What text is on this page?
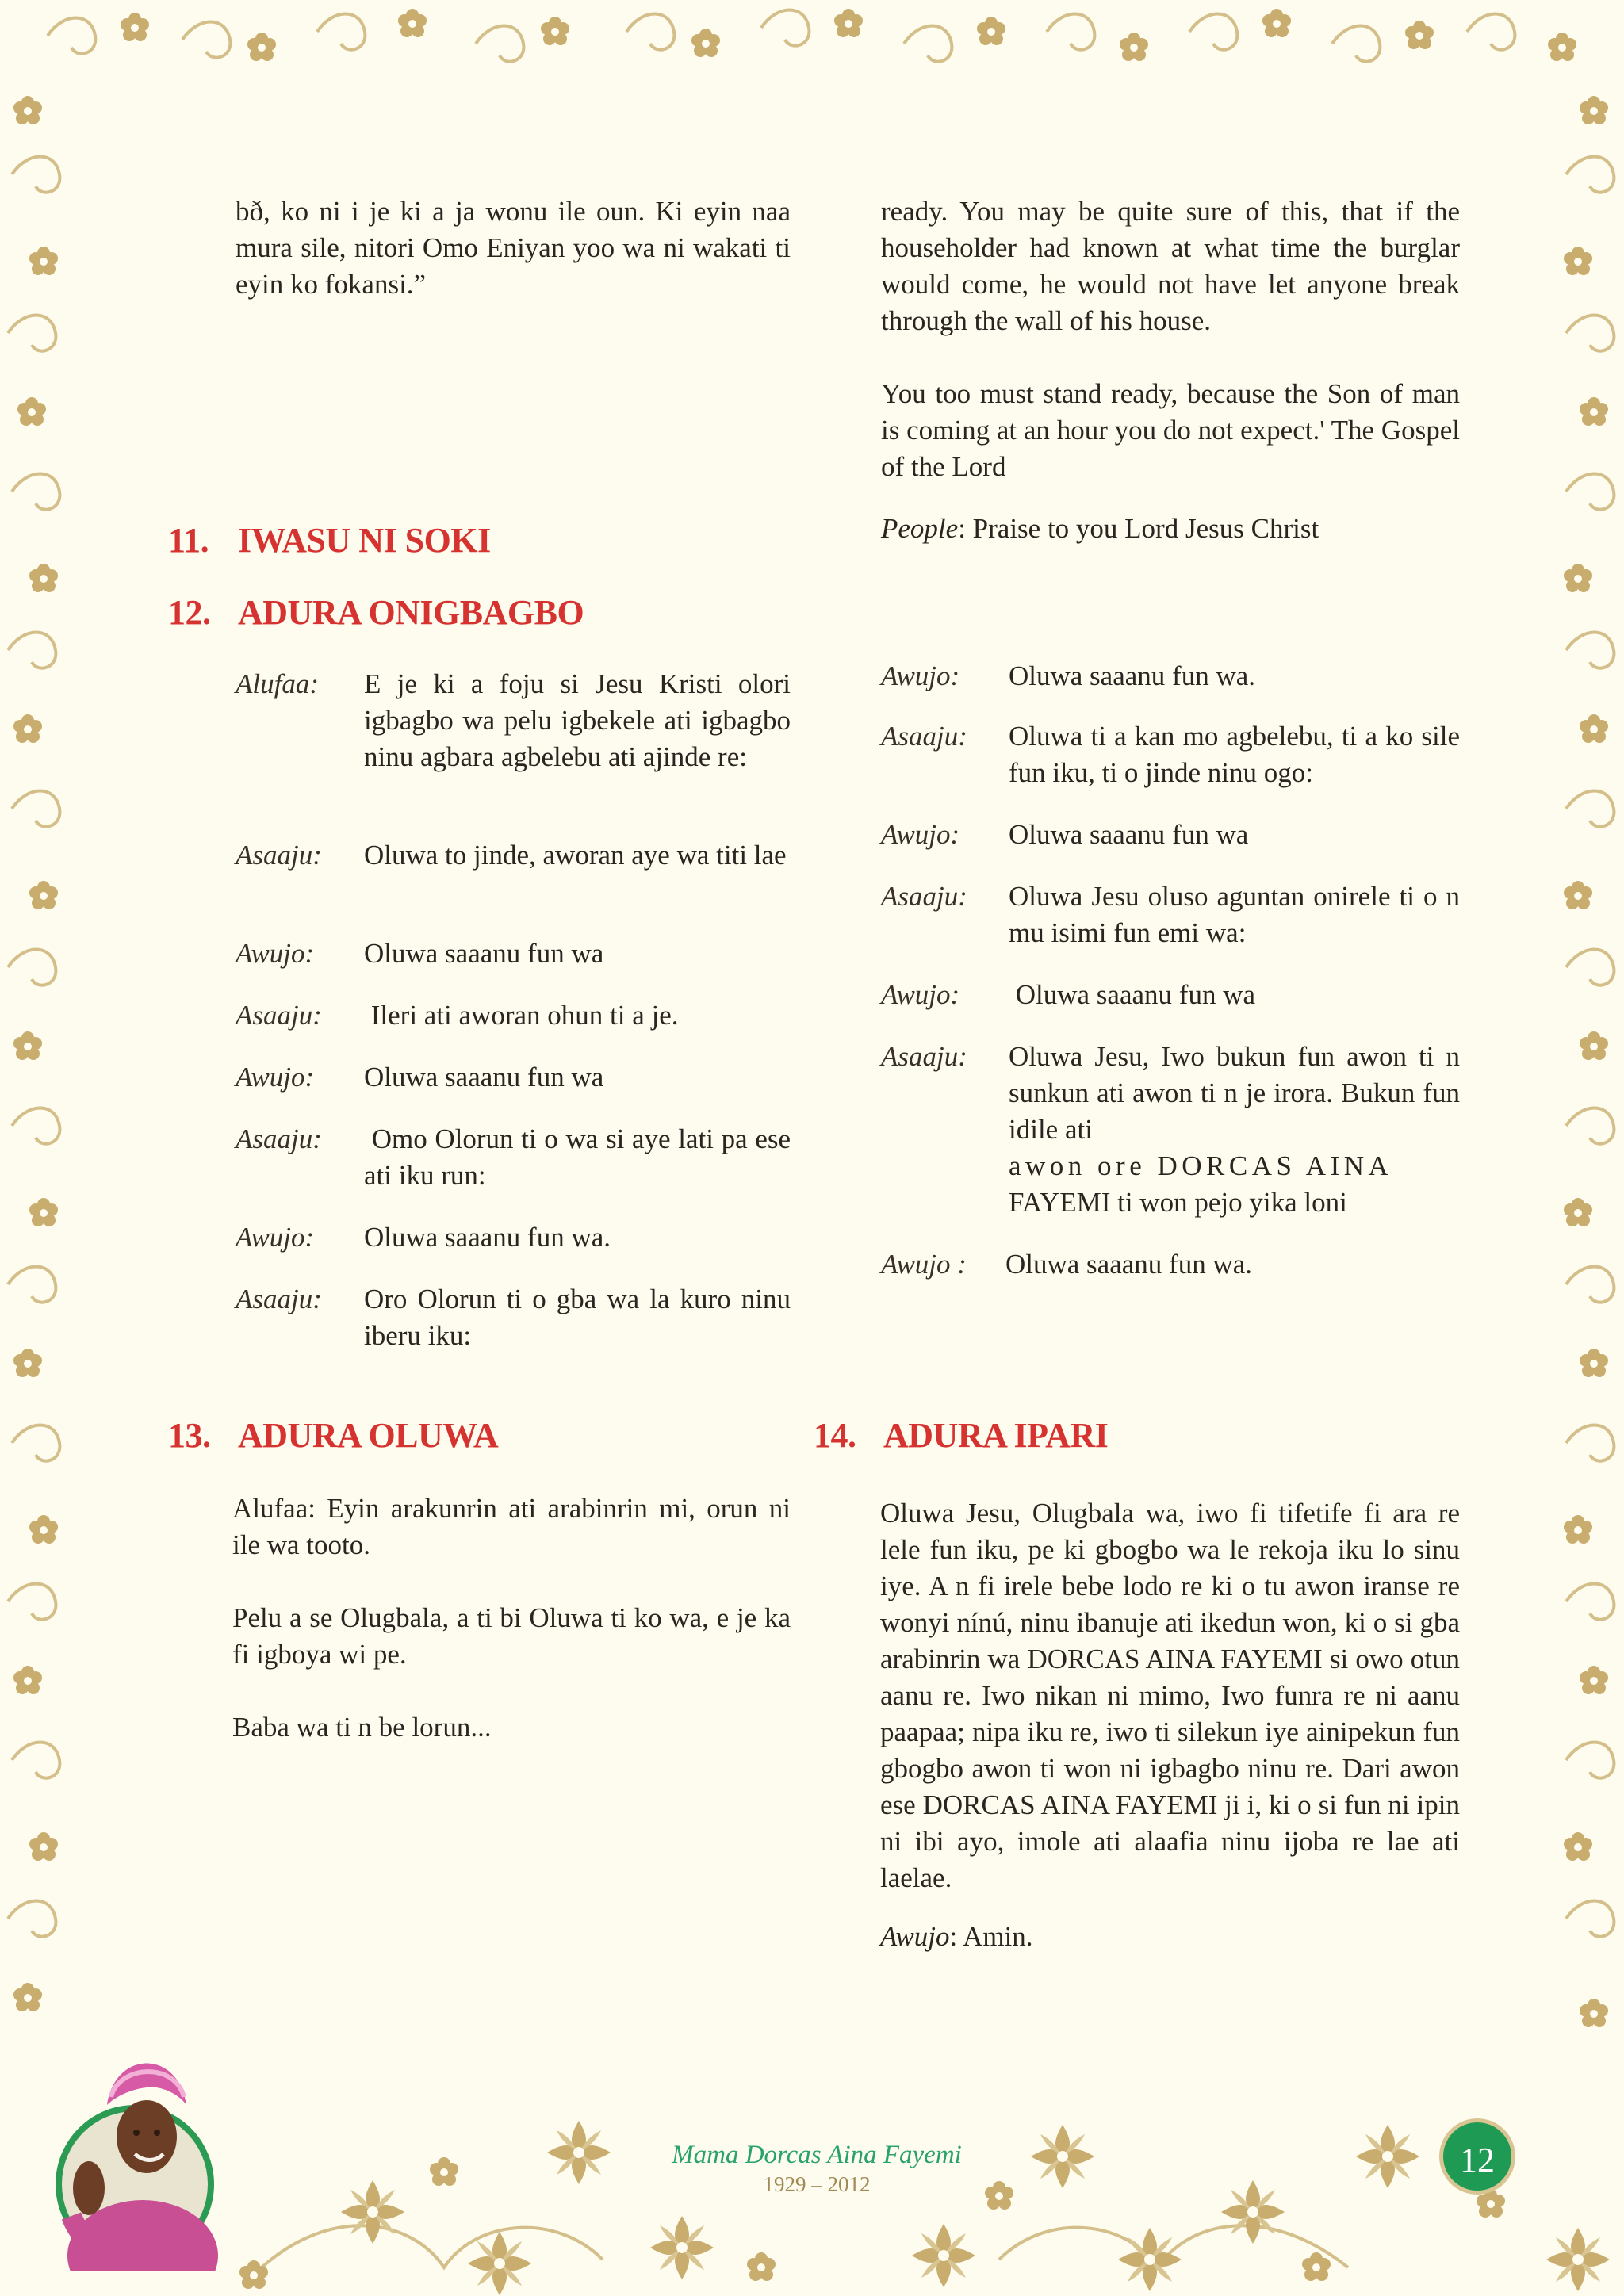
bð, ko ni i je ki a ja wonu ile oun. Ki eyin naa mura sile, nitori Omo Eniyan yoo wa ni wakati ti eyin ko fokansi.”

ready. You may be quite sure of this, that if the householder had known at what time the burglar would come, he would not have let anyone break through the wall of his house.

You too must stand ready, because the Son of man is coming at an hour you do not expect.' The Gospel of the Lord

People: Praise to you Lord Jesus Christ

11. IWASU NI SOKI
12. ADURA ONIGBAGBO
Alufaa: E je ki a foju si Jesu Kristi olori igbagbo wa pelu igbekele ati igbagbo ninu agbara agbelebu ati ajinde re:
Asaaju: Oluwa to jinde, aworan aye wa titi lae
Awujo: Oluwa saaanu fun wa
Asaaju: Ileri ati aworan ohun ti a je.
Awujo: Oluwa saaanu fun wa
Asaaju: Omo Olorun ti o wa si aye lati pa ese ati iku run:
Awujo: Oluwa saaanu fun wa.
Asaaju: Oro Olorun ti o gba wa la kuro ninu iberu iku:
Awujo: Oluwa saaanu fun wa.
Asaaju: Oluwa ti a kan mo agbelebu, ti a ko sile fun iku, ti o jinde ninu ogo:
Awujo: Oluwa saaanu fun wa
Asaaju: Oluwa Jesu oluso aguntan onirele ti o n mu isimi fun emi wa:
Awujo: Oluwa saaanu fun wa
Asaaju: Oluwa Jesu, Iwo bukun fun awon ti n sunkun ati awon ti n je irora. Bukun fun idile ati
awon ore DORCAS AINA
FAYEMI ti won pejo yika loni
Awujo : Oluwa saaanu fun wa.
13. ADURA OLUWA

Alufaa: Eyin arakunrin ati arabinrin mi, orun ni ile wa tooto.

Pelu a se Olugbala, a ti bi Oluwa ti ko wa, e je ka fi igboya wi pe.

Baba wa ti n be lorun...

14. ADURA IPARI

Oluwa Jesu, Olugbala wa, iwo fi tifetife fi ara re lele fun iku, pe ki gbogbo wa le rekoja iku lo sinu iye. A n fi irele bebe lodo re ki o tu awon iranse re wonyi nínú, ninu ibanuje ati ikedun won, ki o si gba arabinrin wa DORCAS AINA FAYEMI si owo otun aanu re. Iwo nikan ni mimo, Iwo funra re ni aanu paapaa; nipa iku re, iwo ti silekun iye ainipekun fun gbogbo awon ti won ni igbagbo ninu re. Dari awon ese DORCAS AINA FAYEMI ji i, ki o si fun ni ipin ni ibi ayo, imole ati alaafia ninu ijoba re lae ati laelae.

Awujo: Amin.

Mama Dorcas Aina Fayemi
1929 – 2012
12
